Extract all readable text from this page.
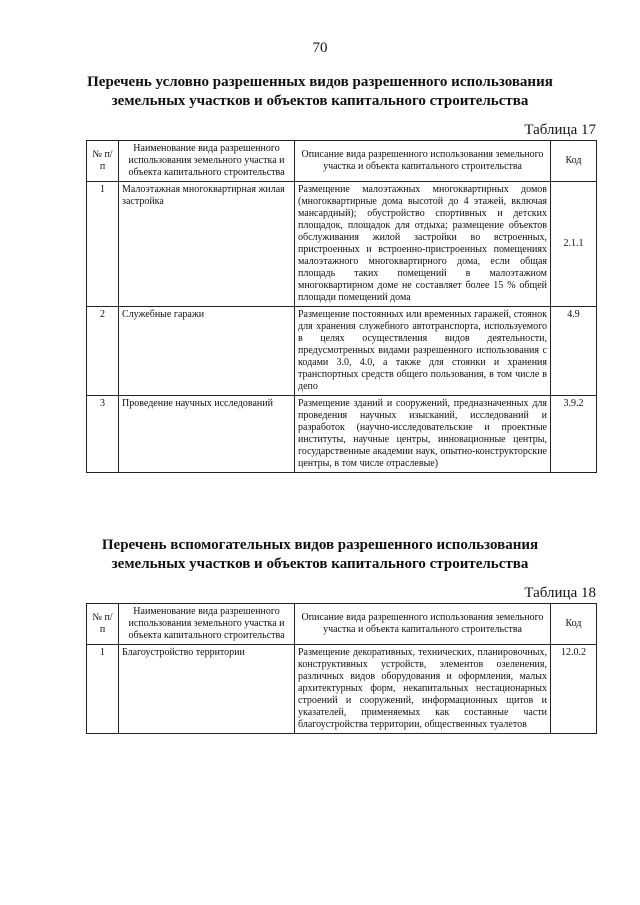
70
Перечень условно разрешенных видов разрешенного использования
земельных участков и объектов капитального строительства
Таблица 17
№ п/п	Наименование вида разрешенного использования земельного участка и объекта капитального строительства	Описание вида разрешенного использования земельного участка и объекта капитального строительства	Код
1	Малоэтажная многоквартирная жилая застройка	Размещение малоэтажных многоквартирных домов (многоквартирные дома высотой до 4 этажей, включая мансардный); обустройство спортивных и детских площадок, площадок для отдыха; размещение объектов обслуживания жилой застройки во встроенных, пристроенных и встроенно-пристроенных помещениях малоэтажного многоквартирного дома, если общая площадь таких помещений в малоэтажном многоквартирном доме не составляет более 15 % общей площади помещений дома	2.1.1
2	Служебные гаражи	Размещение постоянных или временных гаражей, стоянок для хранения служебного автотранспорта, используемого в целях осуществления видов деятельности, предусмотренных видами разрешенного использования с кодами 3.0, 4.0, а также для стоянки и хранения транспортных средств общего пользования, в том числе в депо	4.9
3	Проведение научных исследований	Размещение зданий и сооружений, предназначенных для проведения научных изысканий, исследований и разработок (научно-исследовательские и проектные институты, научные центры, инновационные центры, государственные академии наук, опытно-конструкторские центры, в том числе отраслевые)	3.9.2
Перечень вспомогательных видов разрешенного использования
земельных участков и объектов капитального строительства
Таблица 18
№ п/п	Наименование вида разрешенного использования земельного участка и объекта капитального строительства	Описание вида разрешенного использования земельного участка и объекта капитального строительства	Код
1	Благоустройство территории	Размещение декоративных, технических, планировочных, конструктивных устройств, элементов озеленения, различных видов оборудования и оформления, малых архитектурных форм, некапитальных нестационарных строений и сооружений, информационных щитов и указателей, применяемых как составные части благоустройства территории, общественных туалетов	12.0.2
